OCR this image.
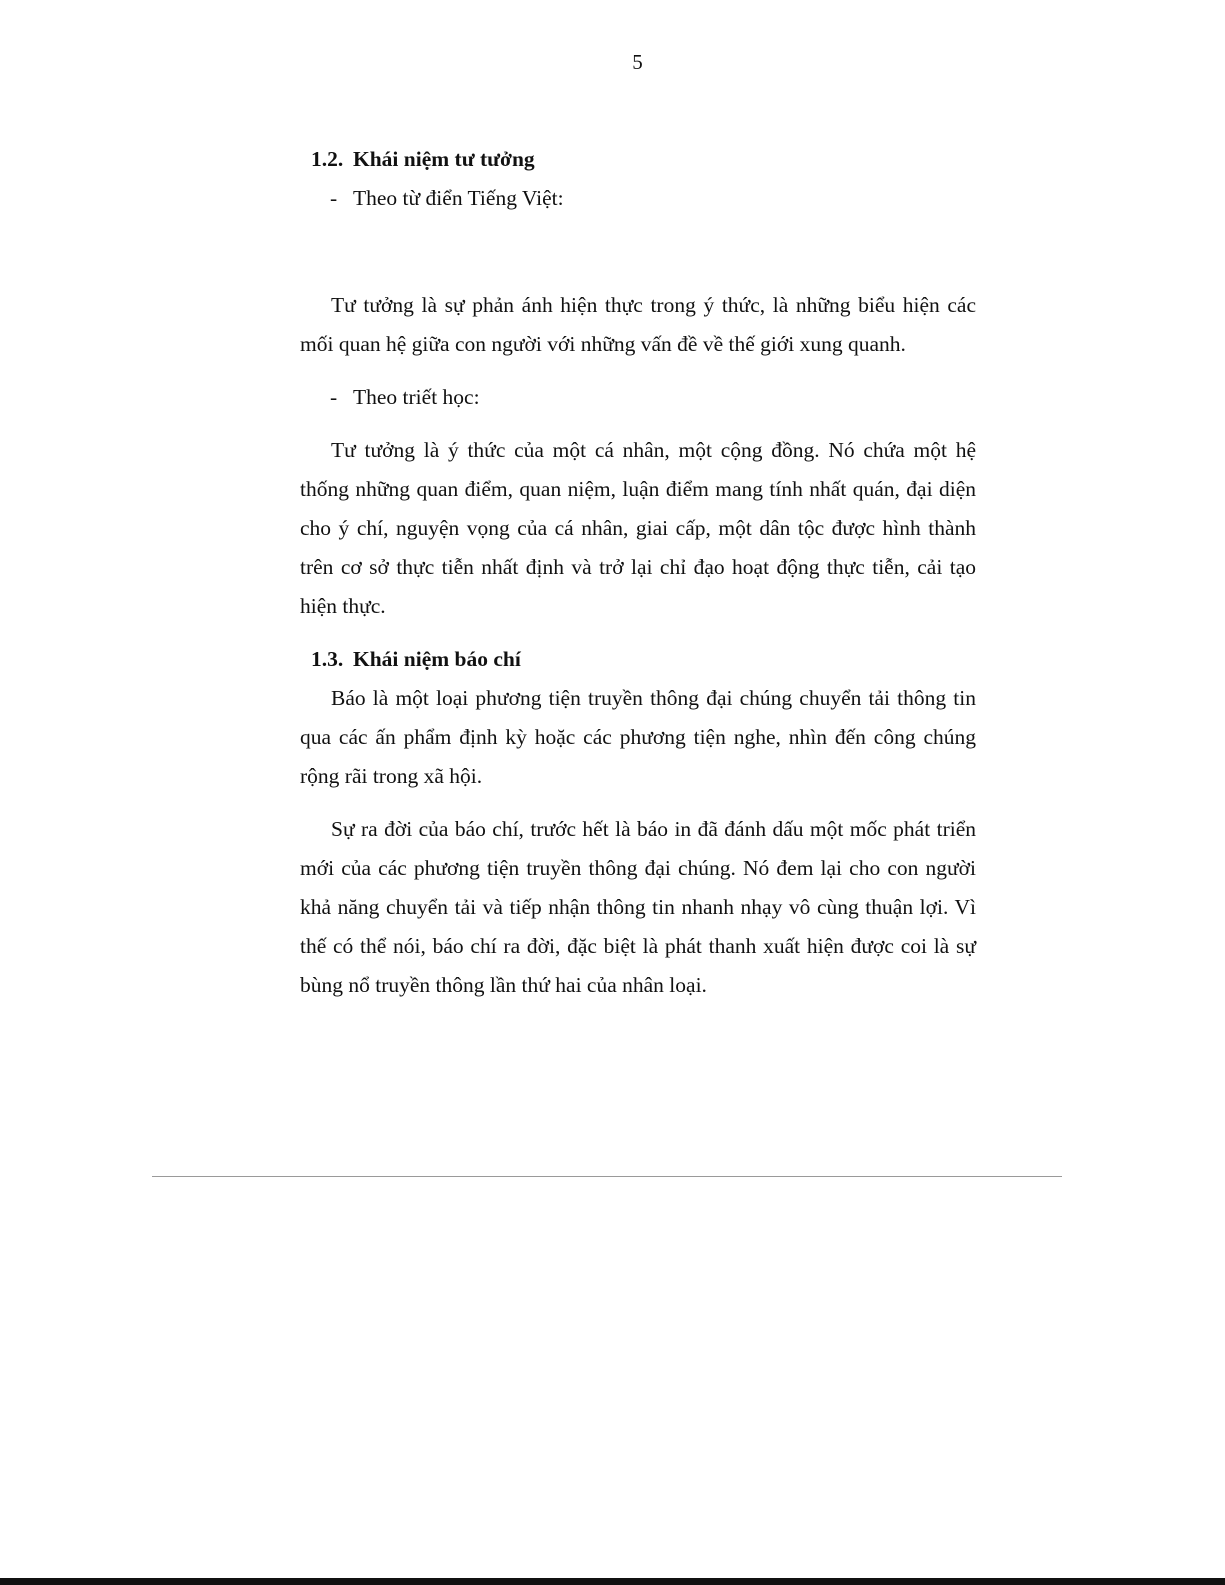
5
1.2. Khái niệm tư tưởng
- Theo từ điển Tiếng Việt:

Tư tưởng là sự phản ánh hiện thực trong ý thức, là những biểu hiện các mối quan hệ giữa con người với những vấn đề về thế giới xung quanh.

- Theo triết học:

Tư tưởng là ý thức của một cá nhân, một cộng đồng. Nó chứa một hệ thống những quan điểm, quan niệm, luận điểm mang tính nhất quán, đại diện cho ý chí, nguyện vọng của cá nhân, giai cấp, một dân tộc được hình thành trên cơ sở thực tiễn nhất định và trở lại chỉ đạo hoạt động thực tiễn, cải tạo hiện thực.

1.3. Khái niệm báo chí

Báo là một loại phương tiện truyền thông đại chúng chuyển tải thông tin qua các ấn phẩm định kỳ hoặc các phương tiện nghe, nhìn đến công chúng rộng rãi trong xã hội.

Sự ra đời của báo chí, trước hết là báo in đã đánh dấu một mốc phát triển mới của các phương tiện truyền thông đại chúng. Nó đem lại cho con người khả năng chuyển tải và tiếp nhận thông tin nhanh nhạy vô cùng thuận lợi. Vì thế có thể nói, báo chí ra đời, đặc biệt là phát thanh xuất hiện được coi là sự bùng nổ truyền thông lần thứ hai của nhân loại.
